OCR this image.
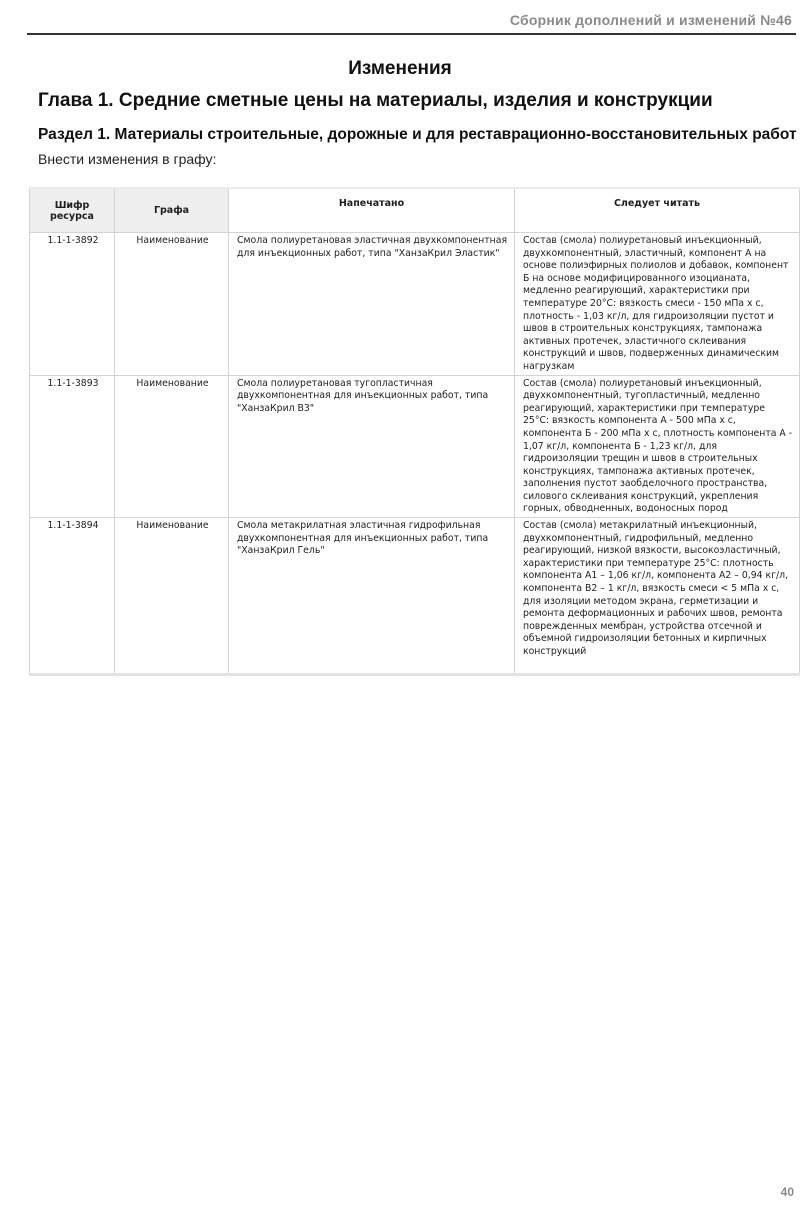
Сборник дополнений и изменений №46
Изменения
Глава 1. Средние сметные цены на материалы, изделия и конструкции
Раздел 1. Материалы строительные, дорожные и для реставрационно-восстановительных работ
Внести изменения в графу:
Шифр ресурса	Графа	Напечатано	Следует читать
1.1-1-3892	Наименование	Смола полиуретановая эластичная двухкомпонентная для инъекционных работ, типа "ХанзаКрил Эластик"	Состав (смола) полиуретановый инъекционный, двухкомпонентный, эластичный, компонент А на основе полиэфирных полиолов и добавок, компонент Б на основе модифицированного изоцианата, медленно реагирующий, характеристики при температуре 20°С: вязкость смеси - 150 мПа х с, плотность - 1,03 кг/л, для гидроизоляции пустот и швов в строительных конструкциях, тампонажа активных протечек, эластичного склеивания конструкций и швов, подверженных динамическим нагрузкам
1.1-1-3893	Наименование	Смола полиуретановая тугопластичная двухкомпонентная для инъекционных работ, типа "ХанзаКрил B3"	Состав (смола) полиуретановый инъекционный, двухкомпонентный, тугопластичный, медленно реагирующий, характеристики при температуре 25°С: вязкость компонента А - 500 мПа х с, компонента Б - 200 мПа х с, плотность компонента А - 1,07 кг/л, компонента Б - 1,23 кг/л, для гидроизоляции трещин и швов в строительных конструкциях, тампонажа активных протечек, заполнения пустот заобделочного пространства, силового склеивания конструкций, укрепления горных, обводненных, водоносных пород
1.1-1-3894	Наименование	Смола метакрилатная эластичная гидрофильная двухкомпонентная для инъекционных работ, типа "ХанзаКрил Гель"	Состав (смола) метакрилатный инъекционный, двухкомпонентный, гидрофильный, медленно реагирующий, низкой вязкости, высокоэластичный, характеристики при температуре 25°С: плотность компонента А1 – 1,06 кг/л, компонента А2 – 0,94 кг/л, компонента В2 – 1 кг/л, вязкость смеси < 5 мПа х с, для изоляции методом экрана, герметизации и ремонта деформационных и рабочих швов, ремонта поврежденных мембран, устройства отсечной и объемной гидроизоляции бетонных и кирпичных конструкций
40
